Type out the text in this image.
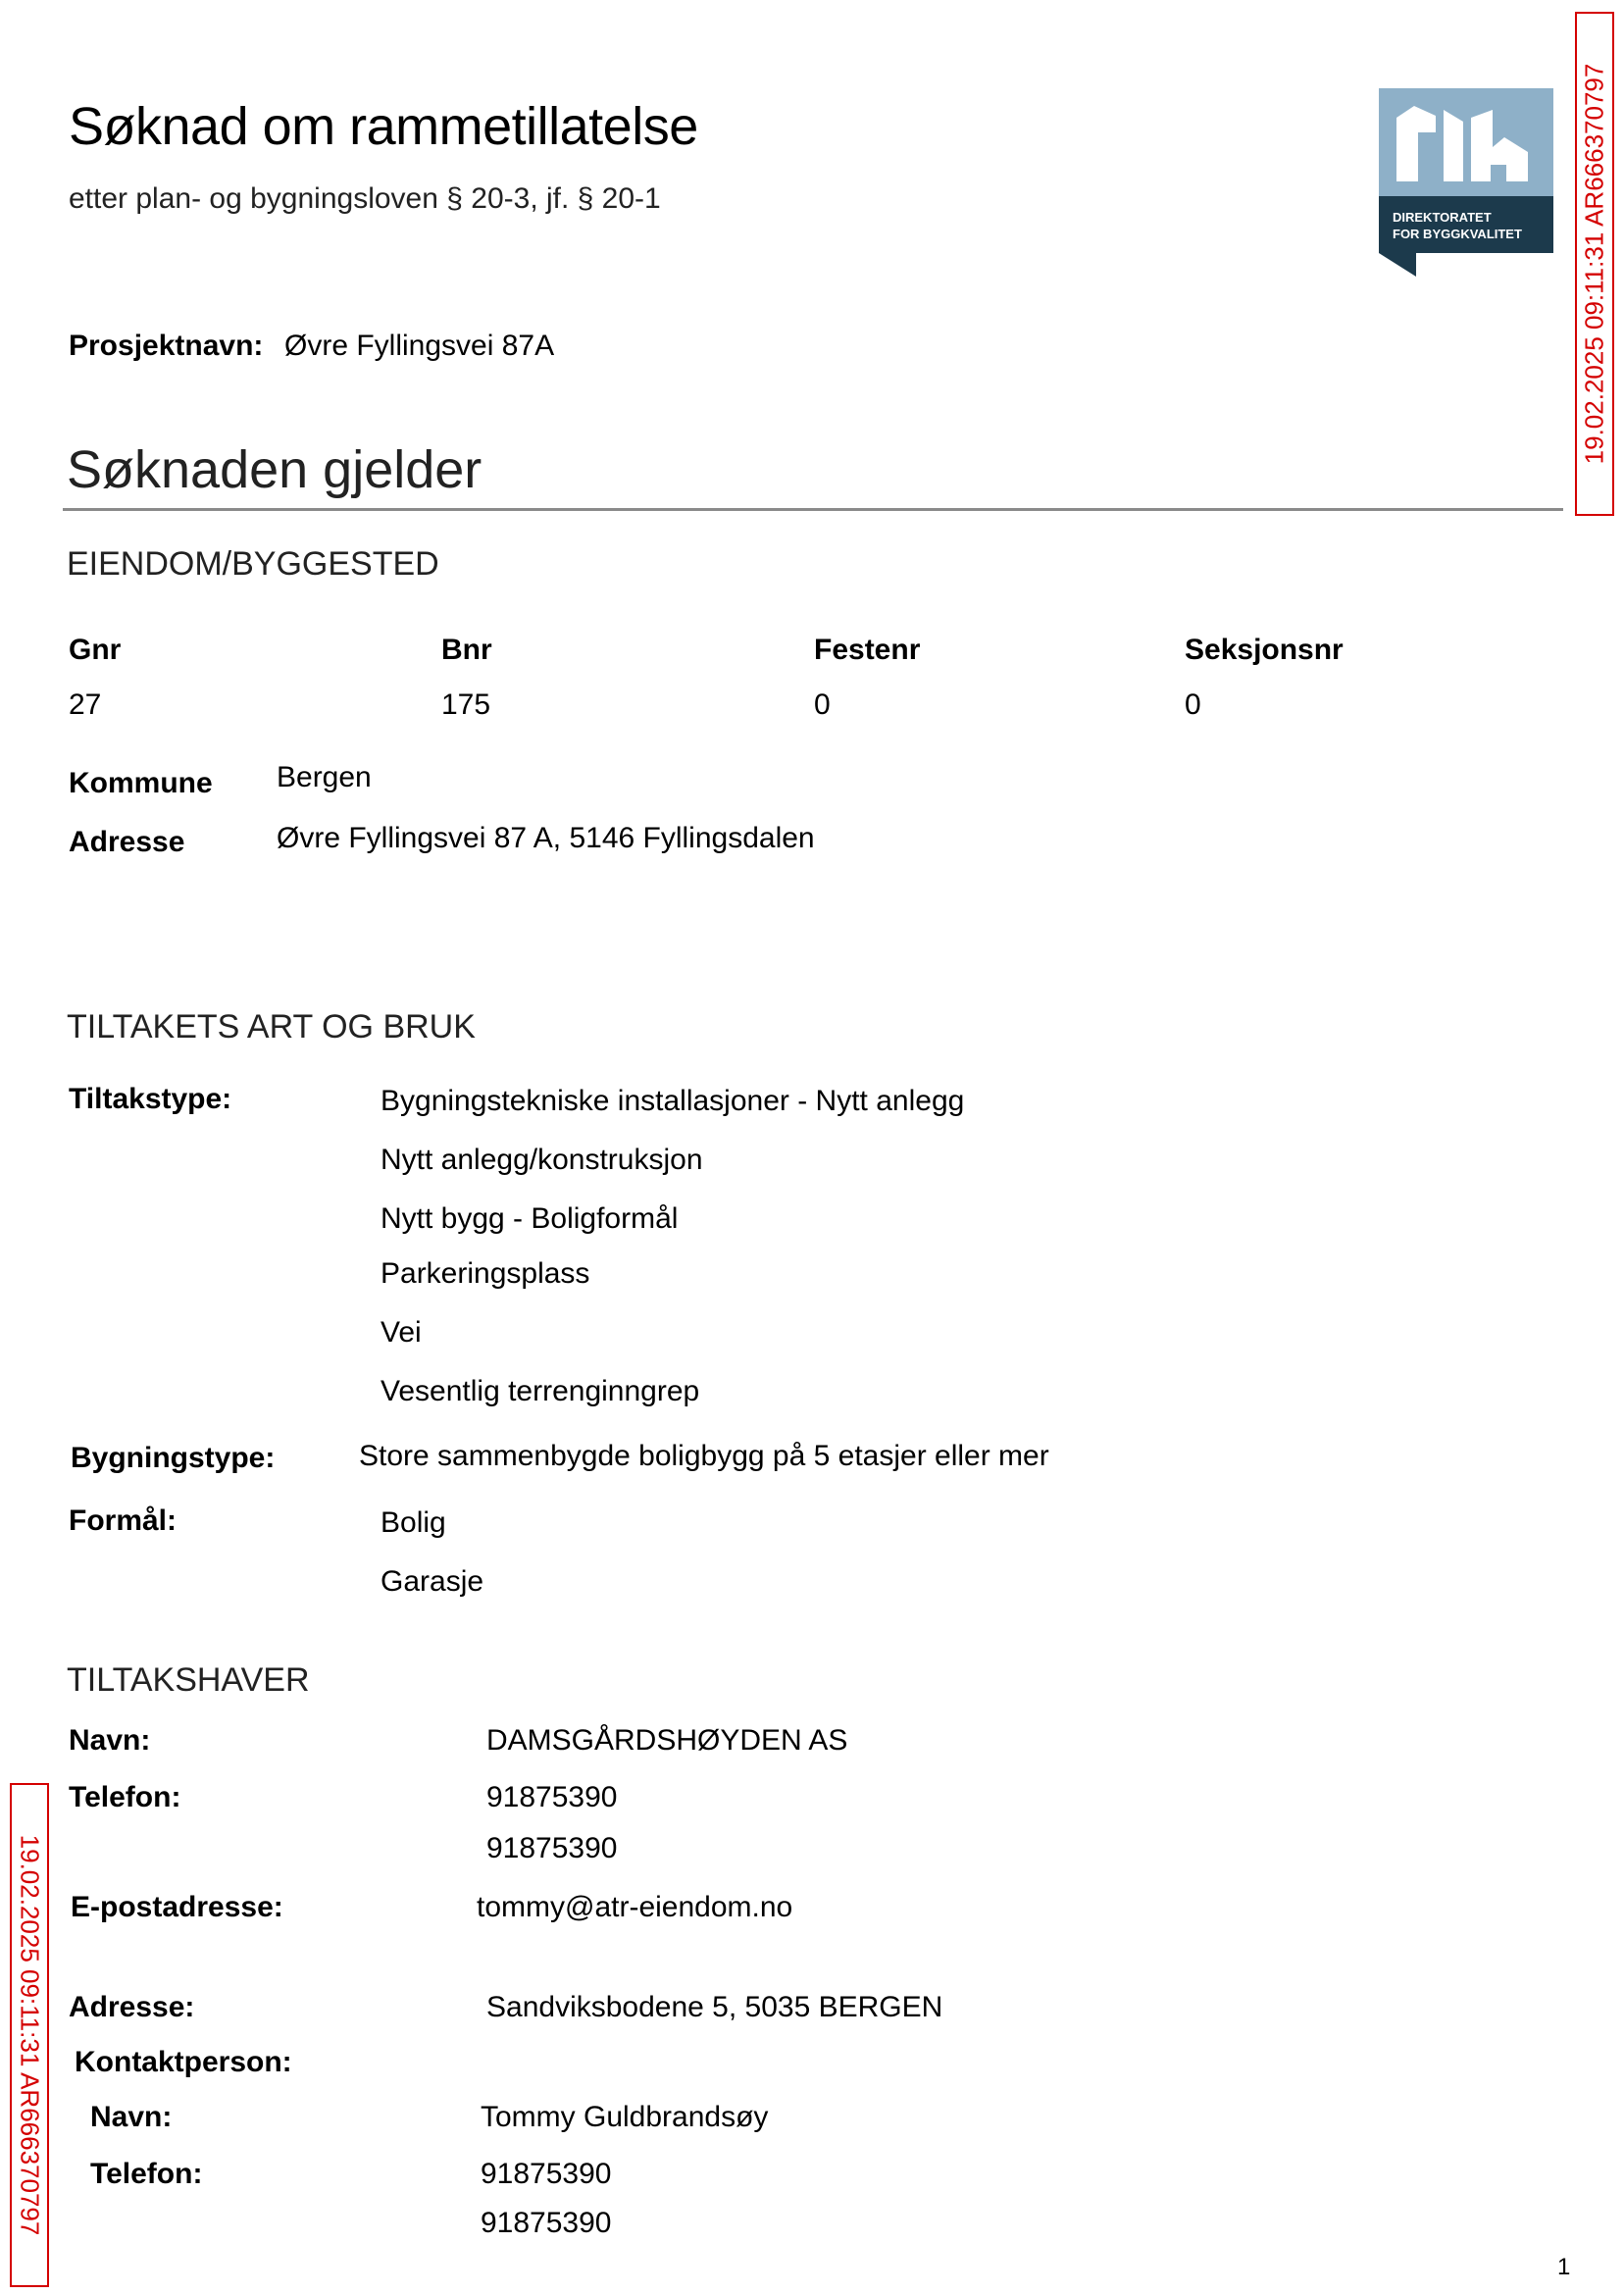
Søknad om rammetillatelse
etter plan- og bygningsloven § 20-3, jf. § 20-1
DIREKTORATET
FOR BYGGKVALITET 19.02.2025 09:11:31 AR666370797
19.02.2025 09:11:31 AR666370797
Prosjektnavn: Øvre Fyllingsvei 87A
Søknaden gjelder
EIENDOM/BYGGESTED
Gnr	Bnr	Festenr	Seksjonsnr
27	175	0	0
Kommune Bergen
Adresse	Øvre Fyllingsvei 87 A, 5146 Fyllingsdalen
TILTAKETS ART OG BRUK
Tiltakstype:	Bygningstekniske installasjoner - Nytt anlegg
Nytt anlegg/konstruksjon
Nytt bygg - Boligformål
Parkeringsplass
Vei
Vesentlig terrenginngrep
Bygningstype:	Store sammenbygde boligbygg på 5 etasjer eller mer
Formål:	Bolig
Garasje
TILTAKSHAVER
Navn:	DAMSGÅRDSHØYDEN AS
Telefon:	91875390
91875390
E-postadresse:	tommy@atr-eiendom.no
Adresse:	Sandviksbodene 5, 5035 BERGEN
Kontaktperson:
Navn:	Tommy Guldbrandsøy
Telefon:	91875390
91875390
1
